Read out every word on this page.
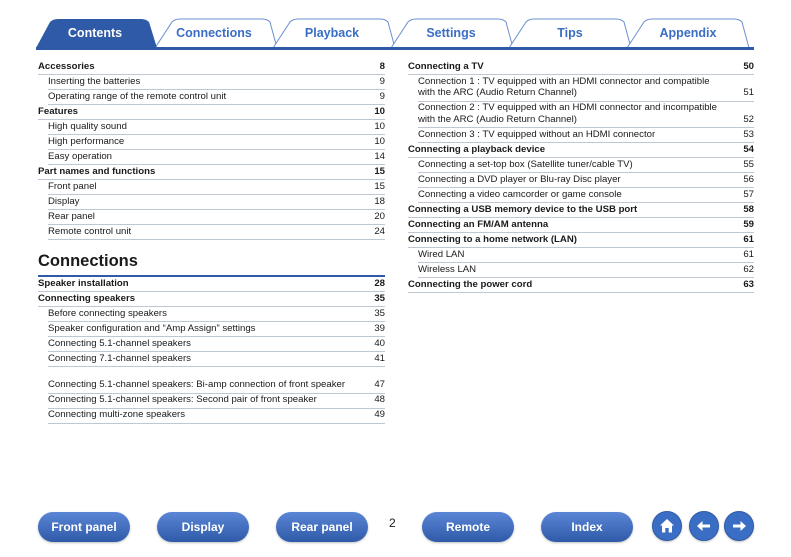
Contents	Connections	Playback	Settings	Tips	Appendix
Accessories	8
Inserting the batteries	9
Operating range of the remote control unit	9
Features	10
High quality sound	10
High performance	10
Easy operation	14
Part names and functions	15
Front panel	15
Display	18
Rear panel	20
Remote control unit	24
Connections
Speaker installation	28
Connecting speakers	35
Before connecting speakers	35
Speaker configuration and “Amp Assign” settings	39
Connecting 5.1-channel speakers	40
Connecting 7.1-channel speakers	41
Connecting 5.1-channel speakers: Bi-amp connection of front speaker	47
Connecting 5.1-channel speakers: Second pair of front speaker	48
Connecting multi-zone speakers	49
Connecting a TV	50
Connection 1 : TV equipped with an HDMI connector and compatible with the ARC (Audio Return Channel)	51
Connection 2 : TV equipped with an HDMI connector and incompatible with the ARC (Audio Return Channel)	52
Connection 3 : TV equipped without an HDMI connector	53
Connecting a playback device	54
Connecting a set-top box (Satellite tuner/cable TV)	55
Connecting a DVD player or Blu-ray Disc player	56
Connecting a video camcorder or game console	57
Connecting a USB memory device to the USB port	58
Connecting an FM/AM antenna	59
Connecting to a home network (LAN)	61
Wired LAN	61
Wireless LAN	62
Connecting the power cord	63
Front panel	Display	Rear panel	2	Remote	Index
